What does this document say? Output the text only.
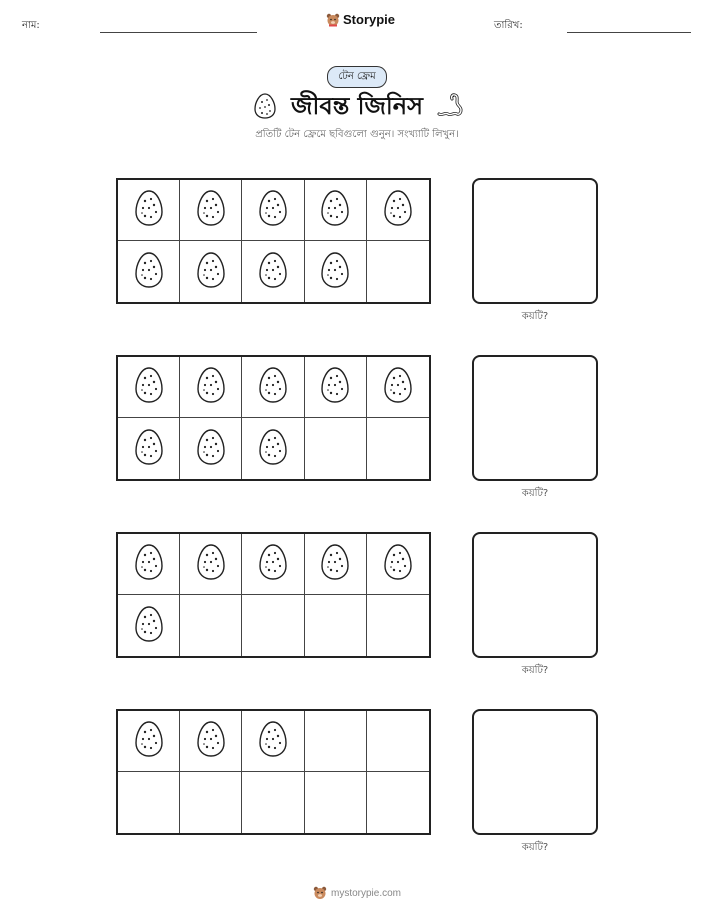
নাম:	Storypie	তারিখ:
টেন ফ্রেম
জীবন্ত জিনিস
প্রতিটি টেন ফ্রেমে ছবিগুলো গুনুন। সংখ্যাটি লিখুন।
কয়টি?
কয়টি?
কয়টি?
কয়টি?
mystorypie.com
